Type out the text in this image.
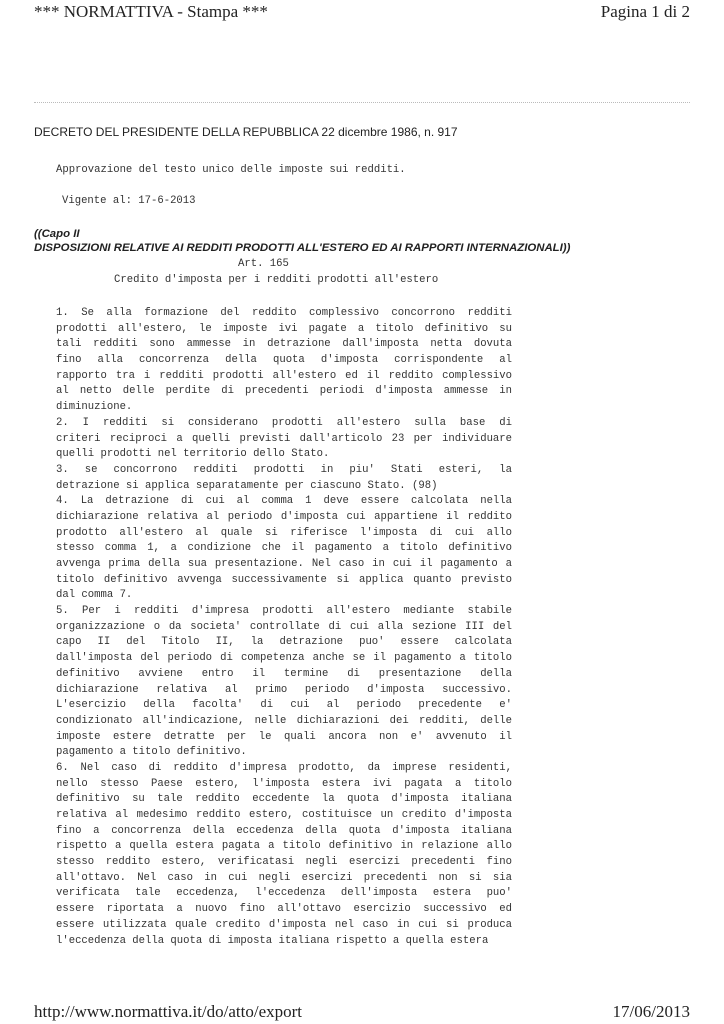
*** NORMATTIVA - Stampa ***	Pagina 1 di 2
DECRETO DEL PRESIDENTE DELLA REPUBBLICA 22 dicembre 1986, n. 917
Approvazione del testo unico delle imposte sui redditi.
Vigente al: 17-6-2013
((Capo II
DISPOSIZIONI RELATIVE AI REDDITI PRODOTTI ALL'ESTERO ED AI RAPPORTI INTERNAZIONALI))
Art. 165
Credito d'imposta per i redditi prodotti all'estero
1. Se alla formazione del reddito complessivo concorrono redditi
prodotti all'estero, le imposte ivi pagate a titolo definitivo su
tali redditi sono ammesse in detrazione dall'imposta netta dovuta
fino alla concorrenza della quota d'imposta corrispondente al
rapporto tra i redditi prodotti all'estero ed il reddito complessivo
al netto delle perdite di precedenti periodi d'imposta ammesse in
diminuzione.
2. I redditi si considerano prodotti all'estero sulla base di
criteri reciproci a quelli previsti dall'articolo 23 per individuare
quelli prodotti nel territorio dello Stato.
3. se concorrono redditi prodotti in piu' Stati esteri, la
detrazione si applica separatamente per ciascuno Stato. (98)
4. La detrazione di cui al comma 1 deve essere calcolata nella
dichiarazione relativa al periodo d'imposta cui appartiene il reddito
prodotto all'estero al quale si riferisce l'imposta di cui allo
stesso comma 1, a condizione che il pagamento a titolo definitivo
avvenga prima della sua presentazione. Nel caso in cui il pagamento a
titolo definitivo avvenga successivamente si applica quanto previsto
dal comma 7.
5. Per i redditi d'impresa prodotti all'estero mediante stabile
organizzazione o da societa' controllate di cui alla sezione III del
capo II del Titolo II, la detrazione puo' essere calcolata
dall'imposta del periodo di competenza anche se il pagamento a titolo
definitivo avviene entro il termine di presentazione della
dichiarazione relativa al primo periodo d'imposta successivo.
L'esercizio della facolta' di cui al periodo precedente e'
condizionato all'indicazione, nelle dichiarazioni dei redditi, delle
imposte estere detratte per le quali ancora non e' avvenuto il
pagamento a titolo definitivo.
6. Nel caso di reddito d'impresa prodotto, da imprese residenti,
nello stesso Paese estero, l'imposta estera ivi pagata a titolo
definitivo su tale reddito eccedente la quota d'imposta italiana
relativa al medesimo reddito estero, costituisce un credito d'imposta
fino a concorrenza della eccedenza della quota d'imposta italiana
rispetto a quella estera pagata a titolo definitivo in relazione allo
stesso reddito estero, verificatasi negli esercizi precedenti fino
all'ottavo. Nel caso in cui negli esercizi precedenti non si sia
verificata tale eccedenza, l'eccedenza dell'imposta estera puo'
essere riportata a nuovo fino all'ottavo esercizio successivo ed
essere utilizzata quale credito d'imposta nel caso in cui si produca
l'eccedenza della quota di imposta italiana rispetto a quella estera
http://www.normattiva.it/do/atto/export	17/06/2013
